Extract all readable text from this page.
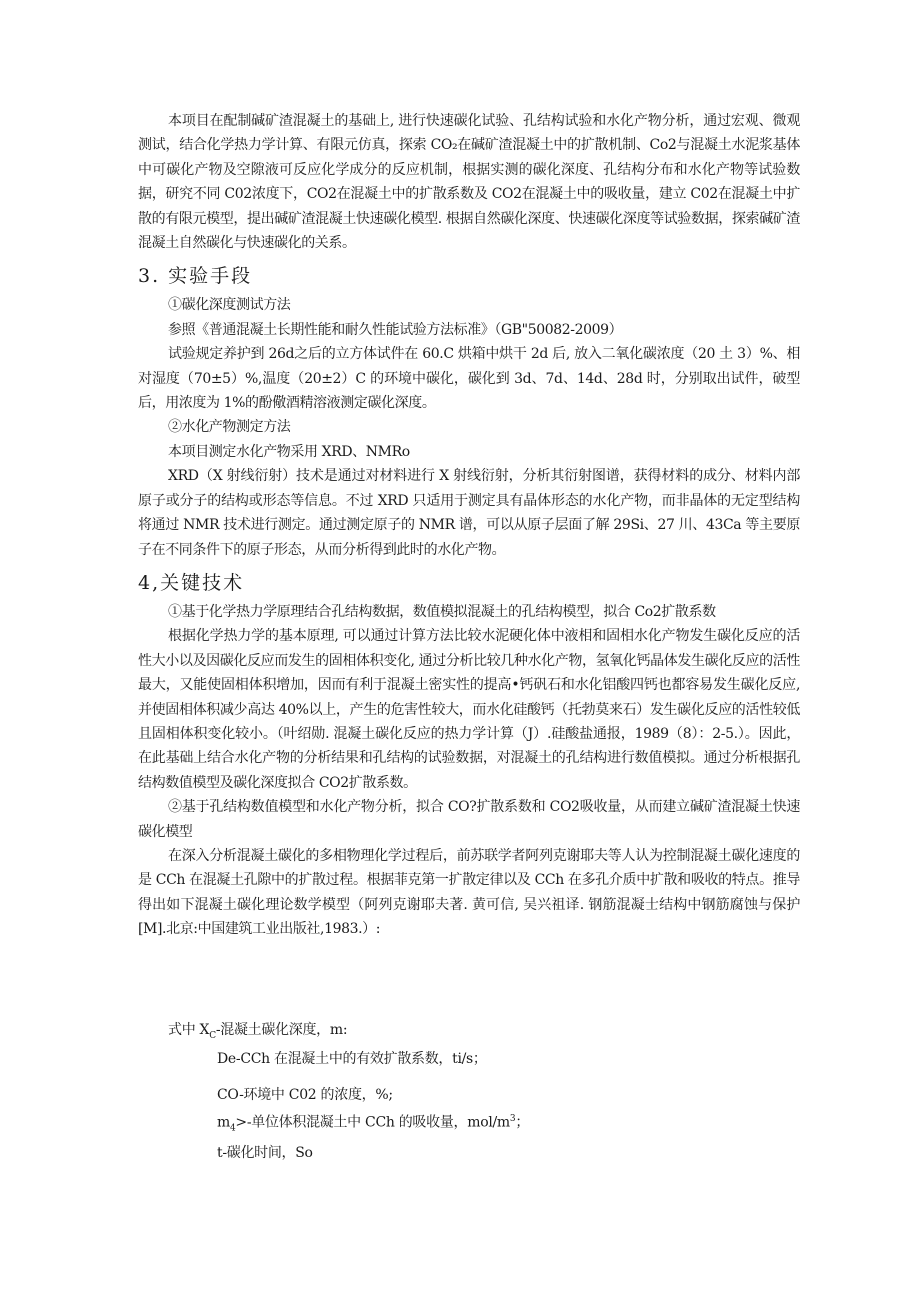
本项目在配制碱矿渣混凝土的基础上, 进行快速碳化试验、孔结构试验和水化产物分析，通过宏观、微观测试，结合化学热力学计算、有限元仿真，探索 CO₂在碱矿渣混凝土中的扩散机制、Co2与混凝土水泥浆基体中可碳化产物及空隙液可反应化学成分的反应机制，根据实测的碳化深度、孔结构分布和水化产物等试验数据，研究不同 C02浓度下，CO2在混凝土中的扩散系数及 CO2在混凝土中的吸收量，建立 C02在混凝土中扩散的有限元模型，提出碱矿渣混凝土快速碳化模型. 根据自然碳化深度、快速碳化深度等试验数据，探索碱矿渣混凝土自然碳化与快速碳化的关系。

3. 实验手段

①碳化深度测试方法

参照《普通混凝土长期性能和耐久性能试验方法标准》（GB"50082-2009）

试验规定养护到 26d之后的立方体试件在 60.C 烘箱中烘干 2d 后, 放入二氧化碳浓度（20 土 3）%、相对湿度（70±5）%,温度（20±2）C 的环境中碳化，碳化到 3d、7d、14d、28d 时，分别取出试件，破型后，用浓度为 1%的酚儆酒精溶液测定碳化深度。

②水化产物测定方法

本项目测定水化产物采用 XRD、NMRo

XRD（X 射线衍射）技术是通过对材料进行 X 射线衍射，分析其衍射图谱，获得材料的成分、材料内部原子或分子的结构或形态等信息。不过 XRD 只适用于测定具有晶体形态的水化产物，而非晶体的无定型结构将通过 NMR 技术进行测定。通过测定原子的 NMR 谱，可以从原子层面了解 29Si、27 川、43Ca 等主要原子在不同条件下的原子形态，从而分析得到此时的水化产物。

4,关键技术

①基于化学热力学原理结合孔结构数据，数值模拟混凝土的孔结构模型，拟合 Co2扩散系数

根据化学热力学的基本原理, 可以通过计算方法比较水泥硬化体中液相和固相水化产物发生碳化反应的活性大小以及因碳化反应而发生的固相体积变化, 通过分析比较几种水化产物，氢氧化钙晶体发生碳化反应的活性最大，又能使固相体积增加，因而有利于混凝土密实性的提高•钙矾石和水化铝酸四钙也都容易发生碳化反应, 并使固相体积减少高达 40%以上，产生的危害性较大，而水化硅酸钙（托勃莫来石）发生碳化反应的活性较低且固相体积变化较小。（叶绍勋. 混凝土碳化反应的热力学计算（J）.硅酸盐通报，1989（8）：2-5.）。因此，在此基础上结合水化产物的分析结果和孔结构的试验数据，对混凝土的孔结构进行数值模拟。通过分析根据孔结构数值模型及碳化深度拟合 CO2扩散系数。

②基于孔结构数值模型和水化产物分析，拟合 CO?扩散系数和 CO2吸收量，从而建立碱矿渣混凝土快速碳化模型

在深入分析混凝土碳化的多相物理化学过程后，前苏联学者阿列克谢耶夫等人认为控制混凝土碳化速度的是 CCh 在混凝土孔隙中的扩散过程。根据菲克第一扩散定律以及 CCh 在多孔介质中扩散和吸收的特点。推导得出如下混凝土碳化理论数学模型（阿列克谢耶夫著. 黄可信, 吴兴祖译. 钢筋混凝士结构中钢筋腐蚀与保护[M].北京:中国建筑工业出版社,1983.）:

式中 $X_C-$混凝土碳化深度，m:

De-CCh 在混凝土中的有效扩散系数，ti/s；

CO-环境中 C02 的浓度，%;

$m_4>-$单位体积混凝土中 CCh 的吸收量，mol/$m^3$；

t-碳化时间，So
